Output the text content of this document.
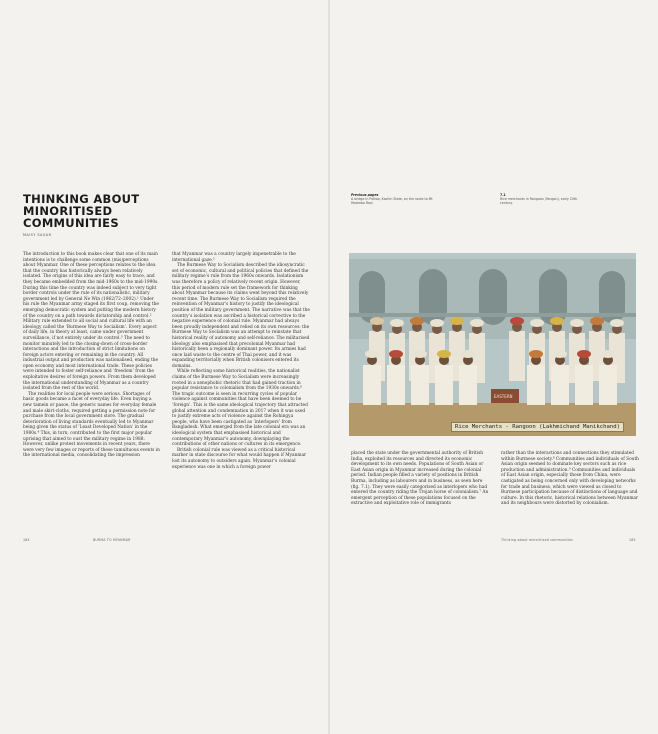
THINKING ABOUT
MINORITISED
COMMUNITIES
MAISY SAGAR

The introduction to this book makes clear that one of its main intentions is to challenge some common (mis)perceptions about Myanmar. One of these perceptions relates to the idea that the country has historically always been relatively isolated. The origins of this idea are fairly easy to trace, and they became embedded from the mid-1960s to the mid-1990s. During this time the country was indeed subject to very tight border controls under the rule of its nationalistic, military government led by General Ne Win (1962/72–2002).¹ Under his rule the Myanmar army staged its first coup, removing the emerging democratic system and putting the modern history of the country on a path towards dictatorship and control.² Military rule extended to all social and cultural life with an ideology called the ‘Burmese Way to Socialism’. Every aspect of daily life, in theory at least, came under government surveillance, if not entirely under its control.³ The need to monitor minutely led to the closing-down of cross-border interactions and the introduction of strict limitations on foreign actors entering or remaining in the country. All industrial output and production was nationalised, ending the open economy and most international trade. These policies were intended to foster self-reliance and ‘freedom’ from the exploitative desires of foreign powers. From them developed the international understanding of Myanmar as a country isolated from the rest of the world.

The realities for local people were serious. Shortages of basic goods became a facet of everyday life. Even buying a new tamein or pasoe, the generic names for everyday female and male skirt-cloths, required getting a permission note for purchase from the local government store. The gradual deterioration of living standards eventually led to Myanmar being given the status of ‘Least Developed Nation’ in the 1980s.⁴ This, in turn, contributed to the first major popular uprising that aimed to oust the military regime in 1988. However, unlike protest movements in recent years, there were very few images or reports of these tumultuous events in the international media, consolidating the impression

that Myanmar was a country largely impenetrable to the international gaze.⁵

The Burmese Way to Socialism described the idiosyncratic set of economic, cultural and political policies that defined the military regime’s rule from the 1960s onwards. Isolationism was therefore a policy of relatively recent origin. However, this period of modern rule set the framework for thinking about Myanmar because its claims went beyond this relatively recent time. The Burmese Way to Socialism required the reinvention of Myanmar’s history to justify the ideological position of the military government. The narrative was that the country’s isolation was ascribed a historical corrective to the negative experience of colonial rule. Myanmar had always been proudly independent and relied on its own resources: the Burmese Way to Socialism was an attempt to reinstate that historical reality of autonomy and self-reliance. The militarised ideology also emphasised that precolonial Myanmar had historically been a regionally dominant power. Its armies had once laid waste to the centre of Thai power, and it was expanding territorially when British colonisers entered its domains.

While reflecting some historical realities, the nationalist claims of the Burmese Way to Socialism were increasingly rooted in a xenophobic rhetoric that had gained traction in popular resistance to colonialism from the 1930s onwards.⁶ The tragic outcome is seen in recurring cycles of popular violence against communities that have been deemed to be ‘foreign’. This is the same ideological trajectory that attracted global attention and condemnation in 2017 when it was used to justify extreme acts of violence against the Rohingya people, who have been castigated as ‘interlopers’ from Bangladesh. What emerged from the late colonial era was an ideological system that emphasised historical and contemporary Myanmar’s autonomy, downplaying the contributions of other nations or cultures in its emergence.

British colonial rule was viewed as a critical historical marker in state discourse for what would happen if Myanmar lost its autonomy to outsiders again. Myanmar’s colonial experience was one in which a foreign power

184	BURMA TO MYANMAR
Previous pages
A bridge in Puttao, Kachin State, on the route to Mt Hkakabo Razi.
7.1
Rice merchants in Rangoon (Yangon), early 20th century.
EASTERN
Rice Merchants - Rangoon (Lakhmichand Manikchand)

placed the state under the governmental authority of British India, exploited its resources and directed its economic development to its own needs. Populations of South Asian or East Asian origin in Myanmar increased during the colonial period. Indian people filled a variety of positions in British Burma, including as labourers and in business, as seen here (fig. 7.1). They were easily categorised as interlopers who had entered the country riding the Trojan horse of colonialism.⁷ An emergent perception of these populations focused on the extractive and exploitative role of immigrants

rather than the interactions and connections they stimulated within Burmese society.⁸ Communities and individuals of South Asian origin seemed to dominate key sectors such as rice production and administration.⁹ Communities and individuals of East Asian origin, especially those from China, were castigated as being concerned only with developing networks for trade and business, which were viewed as closed to Burmese participation because of distinctions of language and culture. In this rhetoric, historical relations between Myanmar and its neighbours were distorted by colonialism.

Thinking about minoritised communities	185
